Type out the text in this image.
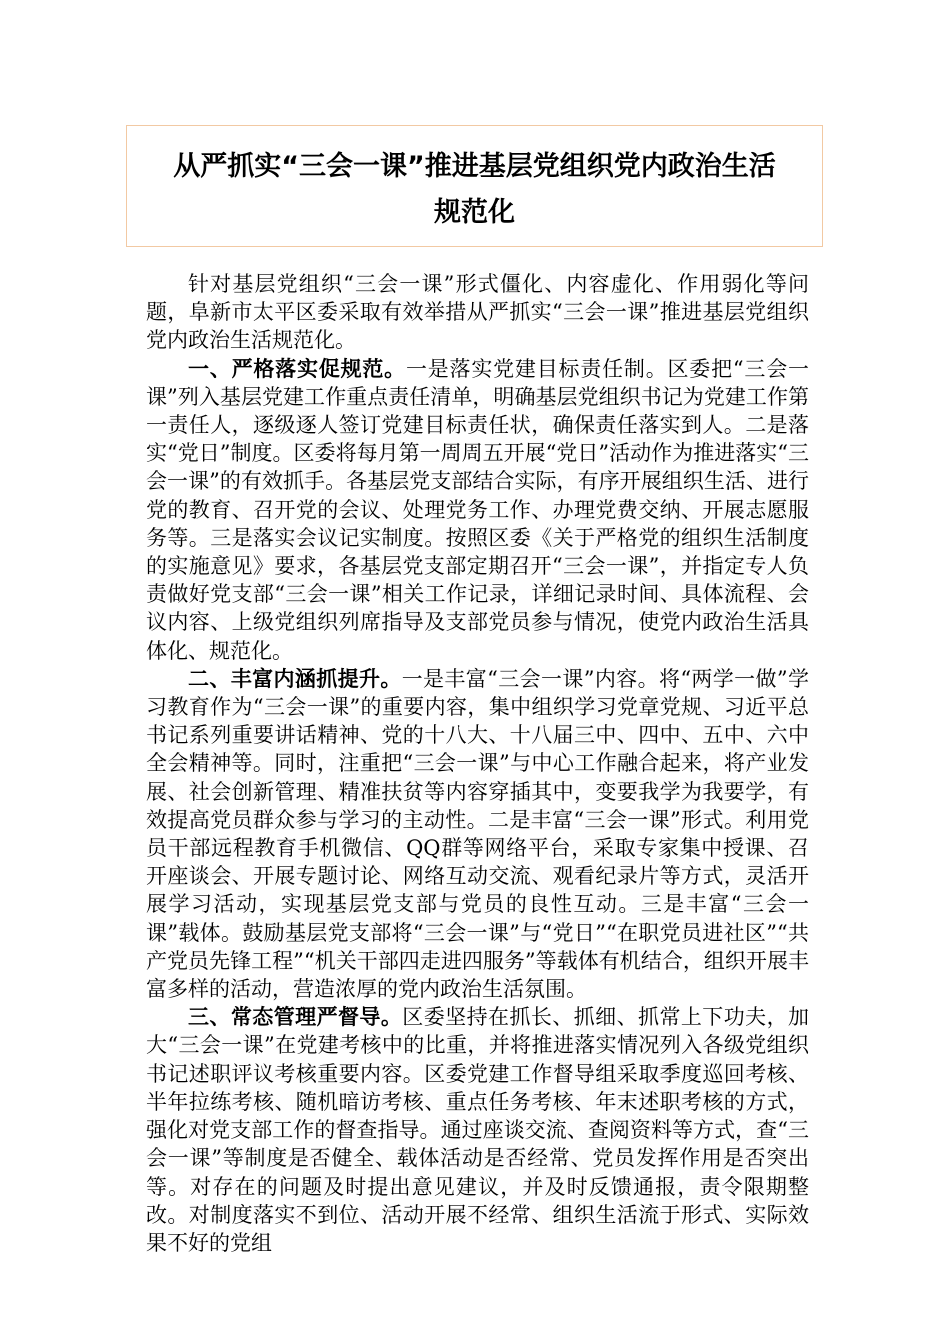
从严抓实“三会一课”推进基层党组织党内政治生活
规范化

针对基层党组织“三会一课”形式僵化、内容虚化、作用弱化等问题，阜新市太平区委采取有效举措从严抓实“三会一课”推进基层党组织党内政治生活规范化。

一、严格落实促规范。一是落实党建目标责任制。区委把“三会一课”列入基层党建工作重点责任清单，明确基层党组织书记为党建工作第一责任人，逐级逐人签订党建目标责任状，确保责任落实到人。二是落实“党日”制度。区委将每月第一周周五开展“党日”活动作为推进落实“三会一课”的有效抓手。各基层党支部结合实际，有序开展组织生活、进行党的教育、召开党的会议、处理党务工作、办理党费交纳、开展志愿服务等。三是落实会议记实制度。按照区委《关于严格党的组织生活制度的实施意见》要求，各基层党支部定期召开“三会一课”，并指定专人负责做好党支部“三会一课”相关工作记录，详细记录时间、具体流程、会议内容、上级党组织列席指导及支部党员参与情况，使党内政治生活具体化、规范化。

二、丰富内涵抓提升。一是丰富“三会一课”内容。将“两学一做”学习教育作为“三会一课”的重要内容，集中组织学习党章党规、习近平总书记系列重要讲话精神、党的十八大、十八届三中、四中、五中、六中全会精神等。同时，注重把“三会一课”与中心工作融合起来，将产业发展、社会创新管理、精准扶贫等内容穿插其中，变要我学为我要学，有效提高党员群众参与学习的主动性。二是丰富“三会一课”形式。利用党员干部远程教育手机微信、QQ群等网络平台，采取专家集中授课、召开座谈会、开展专题讨论、网络互动交流、观看纪录片等方式，灵活开展学习活动，实现基层党支部与党员的良性互动。三是丰富“三会一课”载体。鼓励基层党支部将“三会一课”与“党日”“在职党员进社区”“共产党员先锋工程”“机关干部四走进四服务”等载体有机结合，组织开展丰富多样的活动，营造浓厚的党内政治生活氛围。

三、常态管理严督导。区委坚持在抓长、抓细、抓常上下功夫，加大“三会一课”在党建考核中的比重，并将推进落实情况列入各级党组织书记述职评议考核重要内容。区委党建工作督导组采取季度巡回考核、半年拉练考核、随机暗访考核、重点任务考核、年末述职考核的方式，强化对党支部工作的督查指导。通过座谈交流、查阅资料等方式，查“三会一课”等制度是否健全、载体活动是否经常、党员发挥作用是否突出等。对存在的问题及时提出意见建议，并及时反馈通报，责令限期整改。对制度落实不到位、活动开展不经常、组织生活流于形式、实际效果不好的党组
